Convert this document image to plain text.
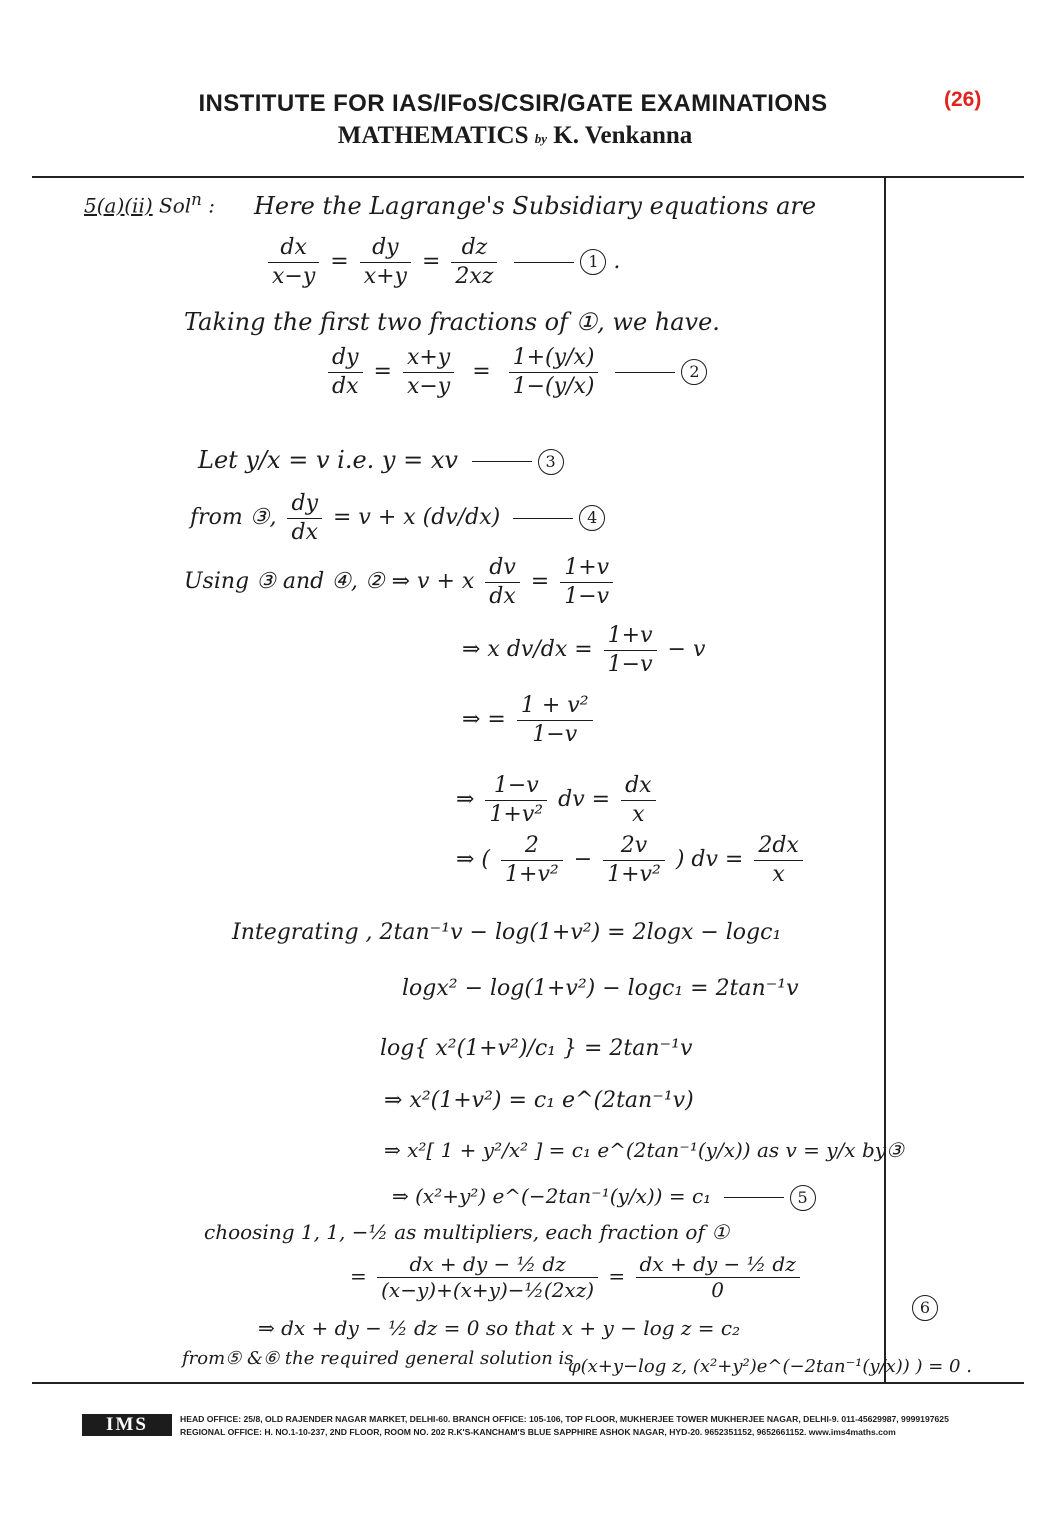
(26)
INSTITUTE FOR IAS/IFoS/CSIR/GATE EXAMINATIONS
MATHEMATICS by K. Venkanna
5(a)(ii) Sol$^n$ : Here the Lagrange's Subsidiary equations are
$\frac{dx}{x-y} = \frac{dy}{x+y} = \frac{dz}{2xz}$	1 .
Taking the first two fractions of ①, we have.
$\frac{dy}{dx} = \frac{x+y}{x-y} = \frac{1+(y/x)}{1-(y/x)}$	2
Let y/x = v i.e. y = xv	3
from ③, $\frac{dy}{dx} = v + x$ (dv/dx)	4
Using ③ and ④, ② ⇒ v + x $\frac{dv}{dx} = \frac{1+v}{1-v}$
⇒ x $dv/dx = \frac{1+v}{1-v} - v$
⇒ = $\frac{\text{1 + v²}}{1-v}$
⇒ $\frac{1-v}{\text{1+v²}}$ dv = $\frac{dx}{x}$
⇒ ( $\frac{2}{\text{1+v²}} - \frac{2v}{\text{1+v²}}$ ) dv = $\frac{2dx}{x}$
Integrating , 2tan⁻¹v − log(1+v²) = 2logx − logc₁
logx² − log(1+v²) − logc₁ = 2tan⁻¹v
log{ x²(1+v²)/c₁ } = 2tan⁻¹v
⇒ x²(1+v²) = c₁ e^(2tan⁻¹v)
⇒ x²[ 1 + y²/x² ] = c₁ e^(2tan⁻¹(y/x)) as v = y/x by③
⇒ (x²+y²) e^(−2tan⁻¹(y/x)) = c₁	5
choosing 1, 1, −½ as multipliers, each fraction of ①
= $\frac{\text{dx + dy − ½ dz}}{\text{(x−y)+(x+y)−½(2xz)}} = \frac{\text{dx + dy − ½ dz}}{0}$
6
⇒ dx + dy − ½ dz = 0 so that x + y − log z = c₂
from⑤ &⑥ the required general solution is
φ(x+y−log z, (x²+y²)e^(−2tan⁻¹(y/x)) ) = 0 .
IMS	HEAD OFFICE: 25/8, OLD RAJENDER NAGAR MARKET, DELHI-60. BRANCH OFFICE: 105-106, TOP FLOOR, MUKHERJEE TOWER MUKHERJEE NAGAR, DELHI-9. 011-45629987, 9999197625
REGIONAL OFFICE: H. NO.1-10-237, 2ND FLOOR, ROOM NO. 202 R.K'S-KANCHAM'S BLUE SAPPHIRE ASHOK NAGAR, HYD-20. 9652351152, 9652661152. www.ims4maths.com
